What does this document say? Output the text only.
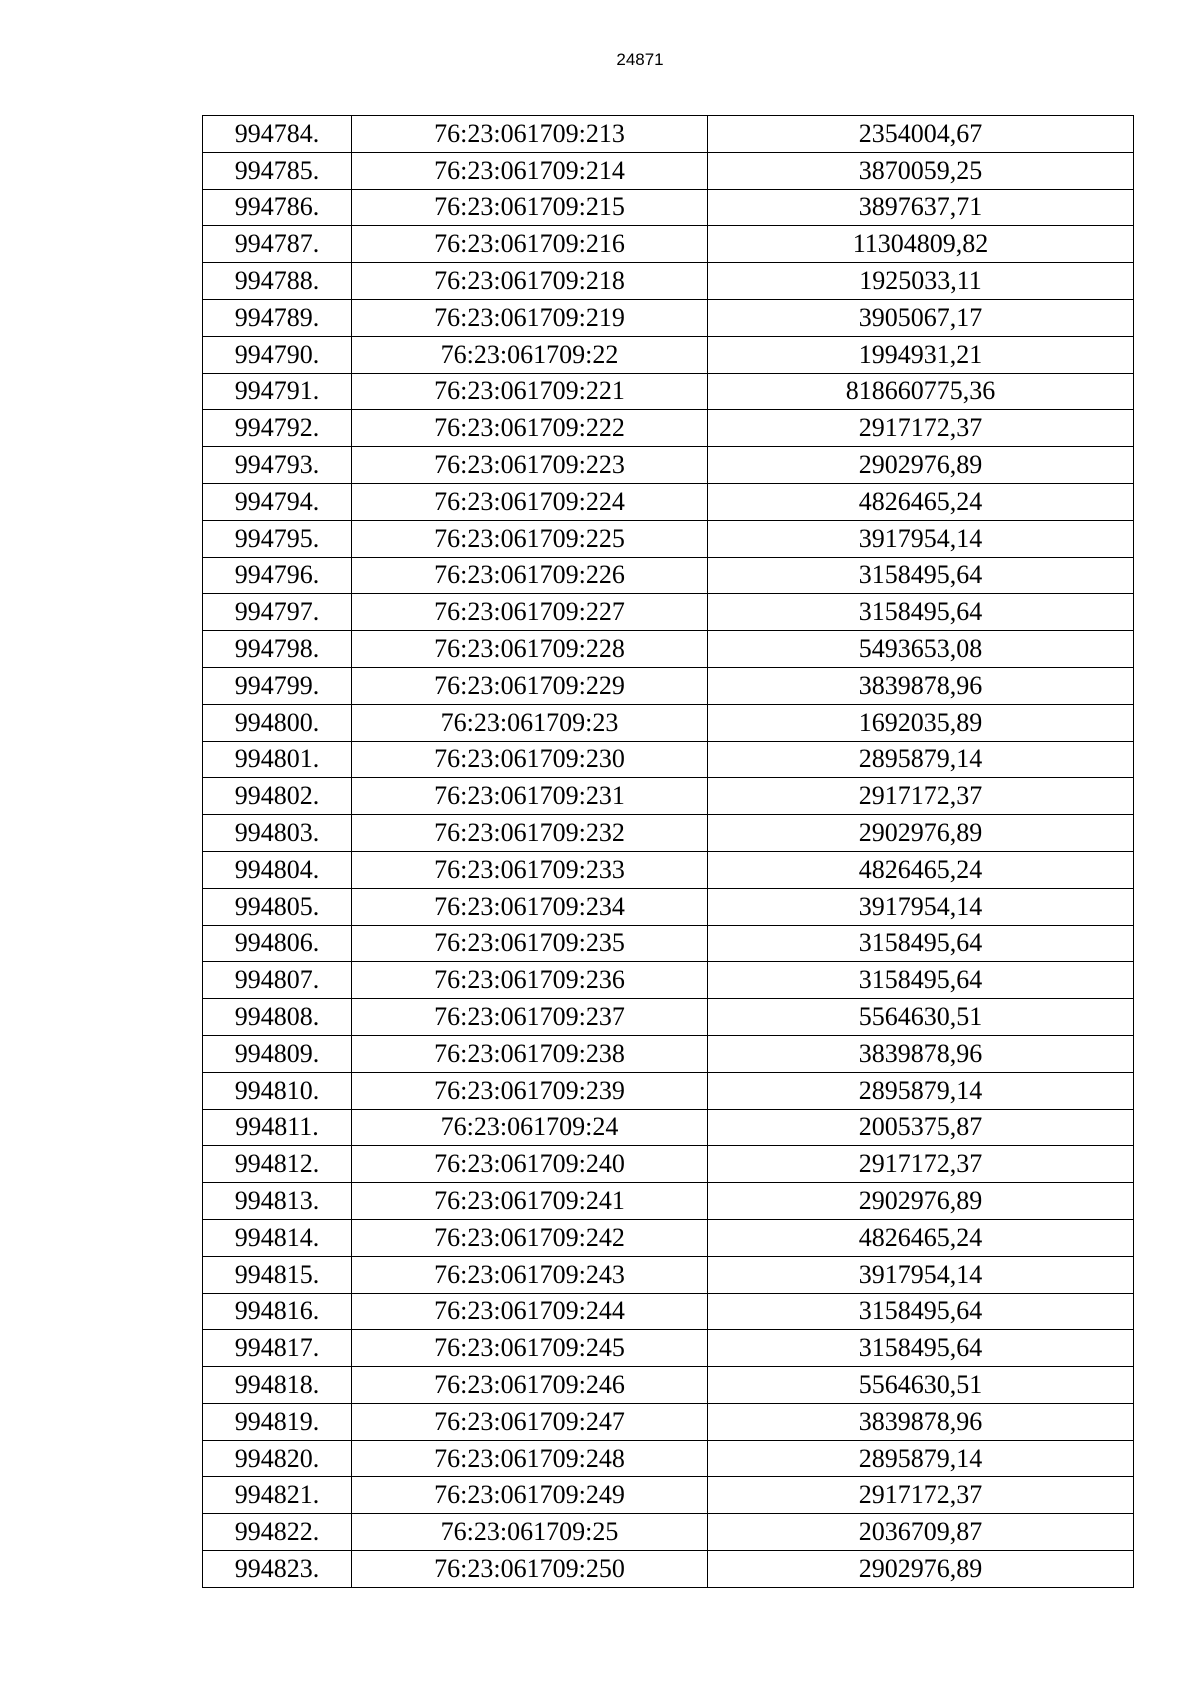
24871
994784.	76:23:061709:213	2354004,67
994785.	76:23:061709:214	3870059,25
994786.	76:23:061709:215	3897637,71
994787.	76:23:061709:216	11304809,82
994788.	76:23:061709:218	1925033,11
994789.	76:23:061709:219	3905067,17
994790.	76:23:061709:22	1994931,21
994791.	76:23:061709:221	818660775,36
994792.	76:23:061709:222	2917172,37
994793.	76:23:061709:223	2902976,89
994794.	76:23:061709:224	4826465,24
994795.	76:23:061709:225	3917954,14
994796.	76:23:061709:226	3158495,64
994797.	76:23:061709:227	3158495,64
994798.	76:23:061709:228	5493653,08
994799.	76:23:061709:229	3839878,96
994800.	76:23:061709:23	1692035,89
994801.	76:23:061709:230	2895879,14
994802.	76:23:061709:231	2917172,37
994803.	76:23:061709:232	2902976,89
994804.	76:23:061709:233	4826465,24
994805.	76:23:061709:234	3917954,14
994806.	76:23:061709:235	3158495,64
994807.	76:23:061709:236	3158495,64
994808.	76:23:061709:237	5564630,51
994809.	76:23:061709:238	3839878,96
994810.	76:23:061709:239	2895879,14
994811.	76:23:061709:24	2005375,87
994812.	76:23:061709:240	2917172,37
994813.	76:23:061709:241	2902976,89
994814.	76:23:061709:242	4826465,24
994815.	76:23:061709:243	3917954,14
994816.	76:23:061709:244	3158495,64
994817.	76:23:061709:245	3158495,64
994818.	76:23:061709:246	5564630,51
994819.	76:23:061709:247	3839878,96
994820.	76:23:061709:248	2895879,14
994821.	76:23:061709:249	2917172,37
994822.	76:23:061709:25	2036709,87
994823.	76:23:061709:250	2902976,89
